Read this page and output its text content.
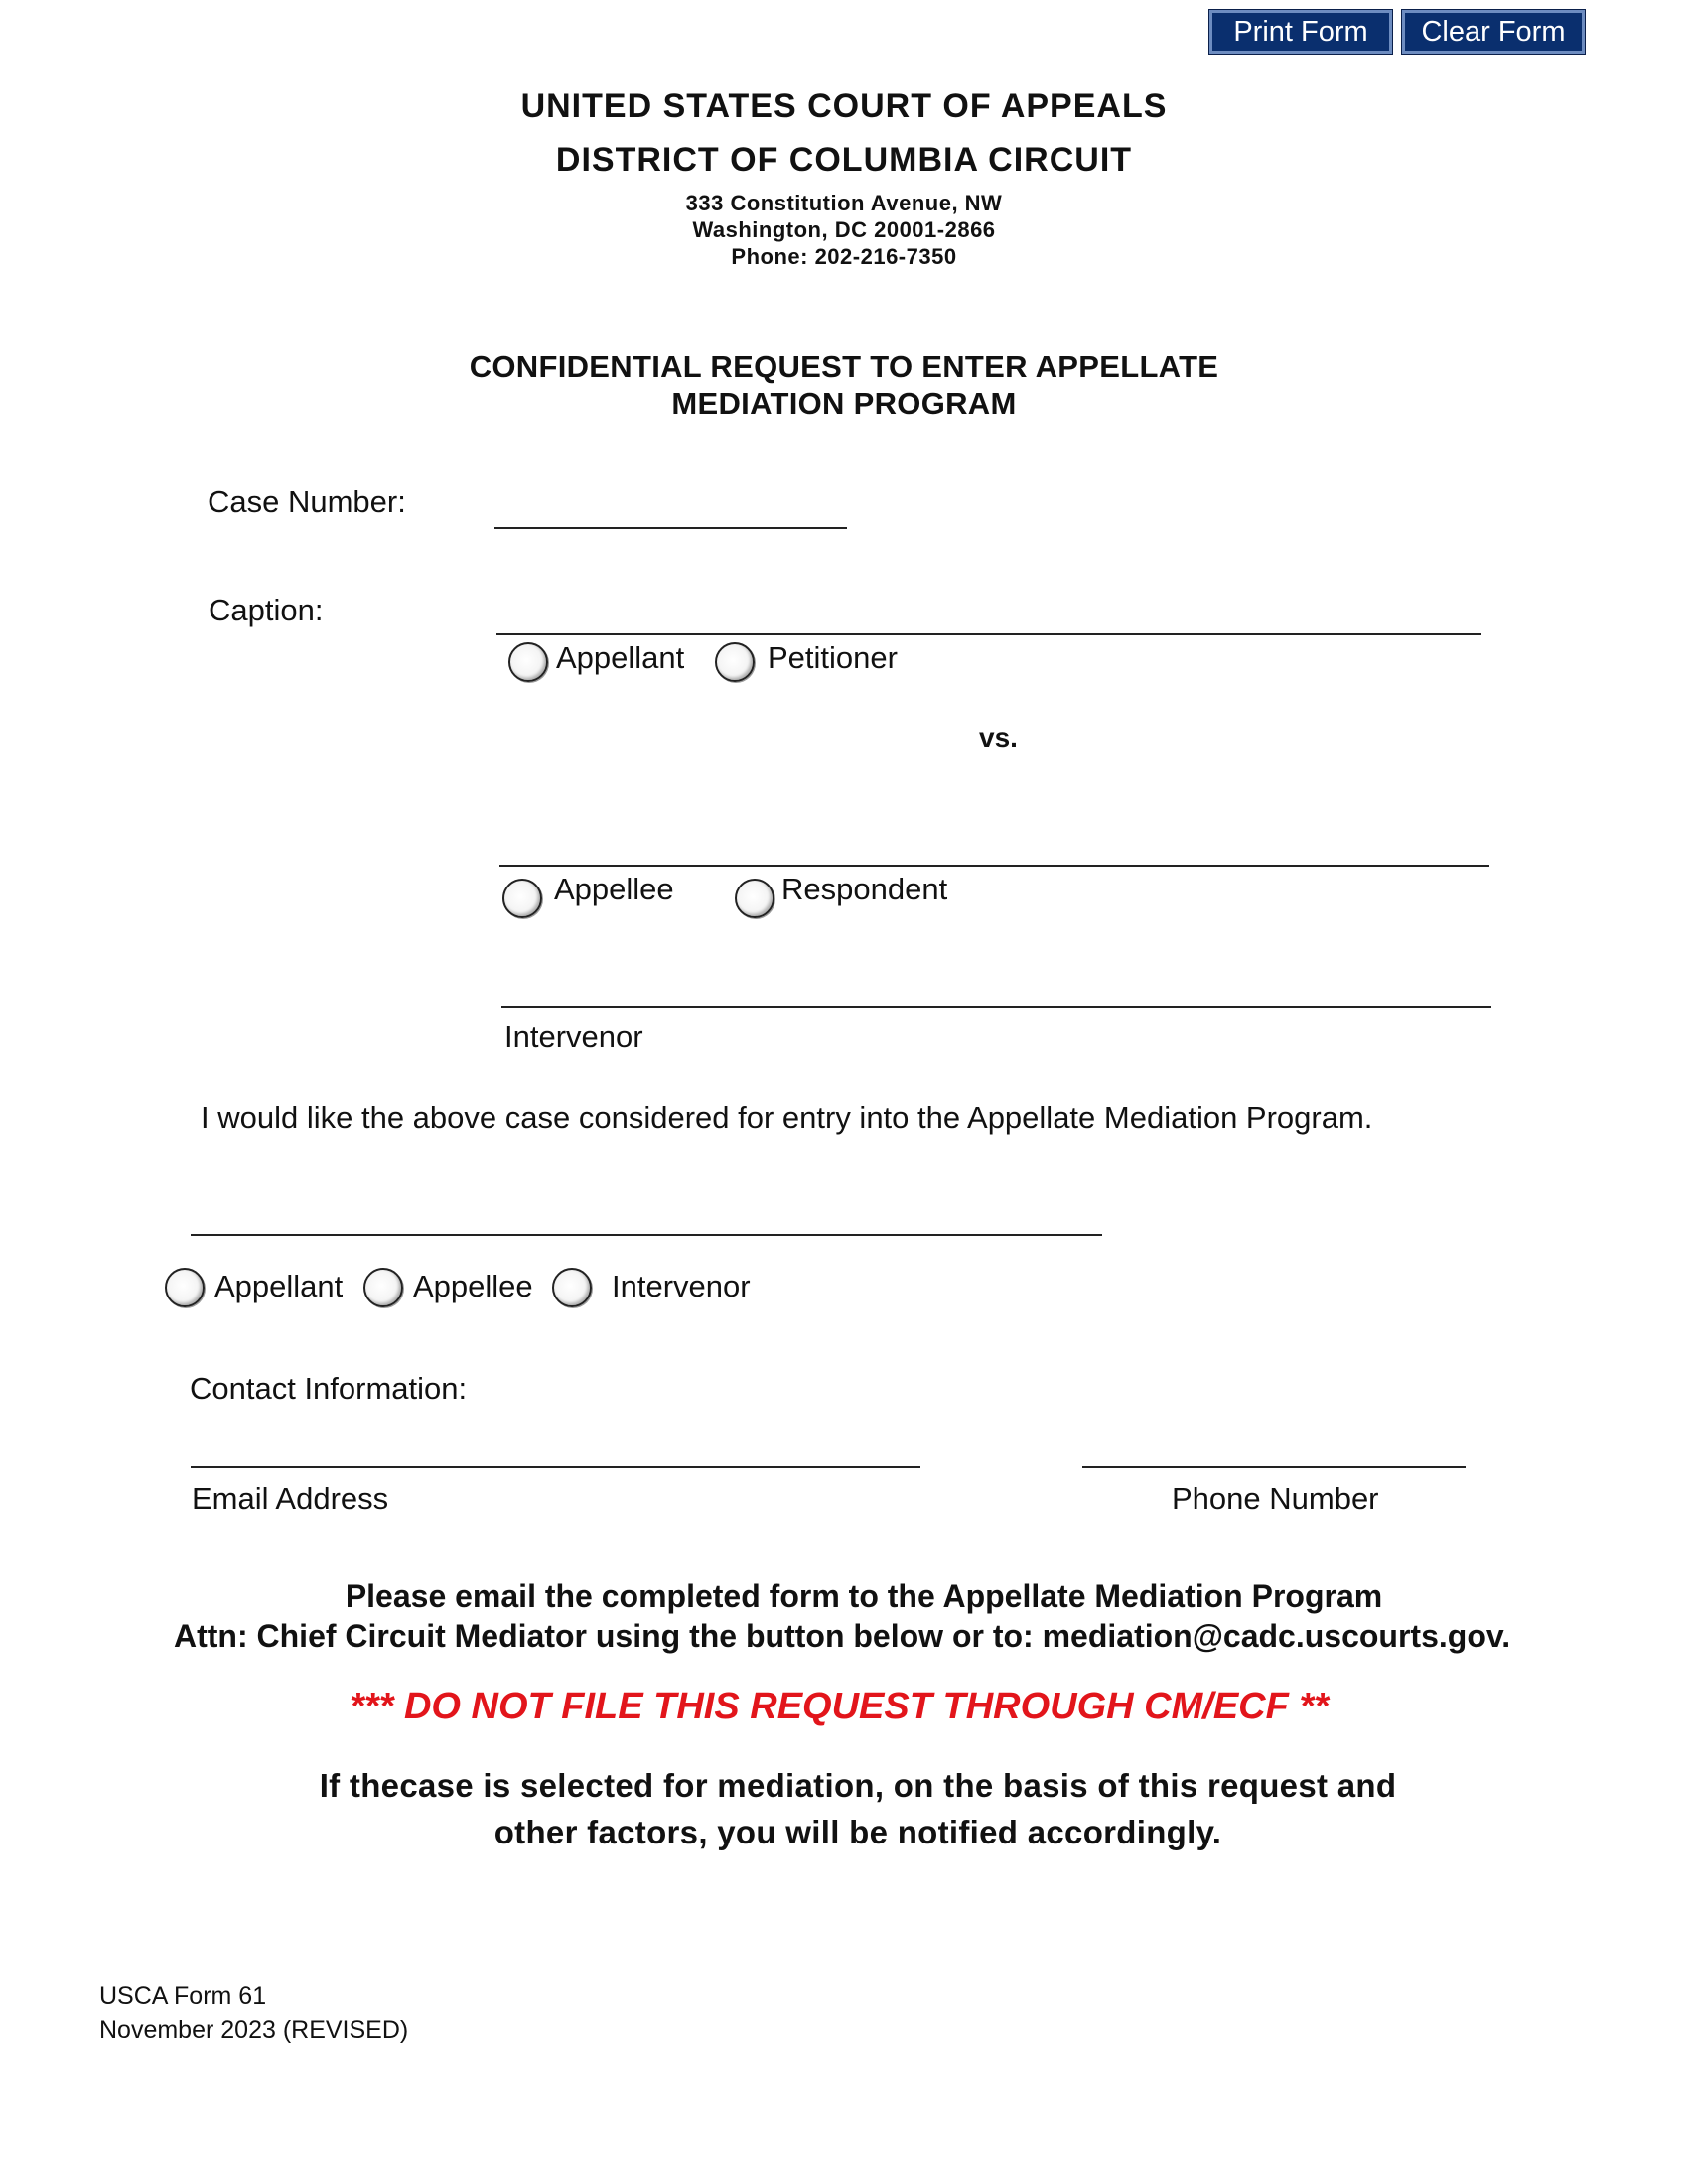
Print Form	Clear Form
UNITED STATES COURT OF APPEALS
DISTRICT OF COLUMBIA CIRCUIT
333 Constitution Avenue, NW
Washington, DC 20001-2866
Phone: 202-216-7350
CONFIDENTIAL REQUEST TO ENTER APPELLATE
MEDIATION PROGRAM
Case Number:
Caption:
Appellant	Petitioner
vs.
Appellee	Respondent
Intervenor
I would like the above case considered for entry into the Appellate Mediation Program.
Appellant Appellee	Intervenor
Contact Information:
Email Address	Phone Number
Please email the completed form to the Appellate Mediation Program
Attn: Chief Circuit Mediator using the button below or to: mediation@cadc.uscourts.gov.
*** DO NOT FILE THIS REQUEST THROUGH CM/ECF **
If thecase is selected for mediation, on the basis of this request and
other factors, you will be notified accordingly.
USCA Form 61
November 2023 (REVISED)
